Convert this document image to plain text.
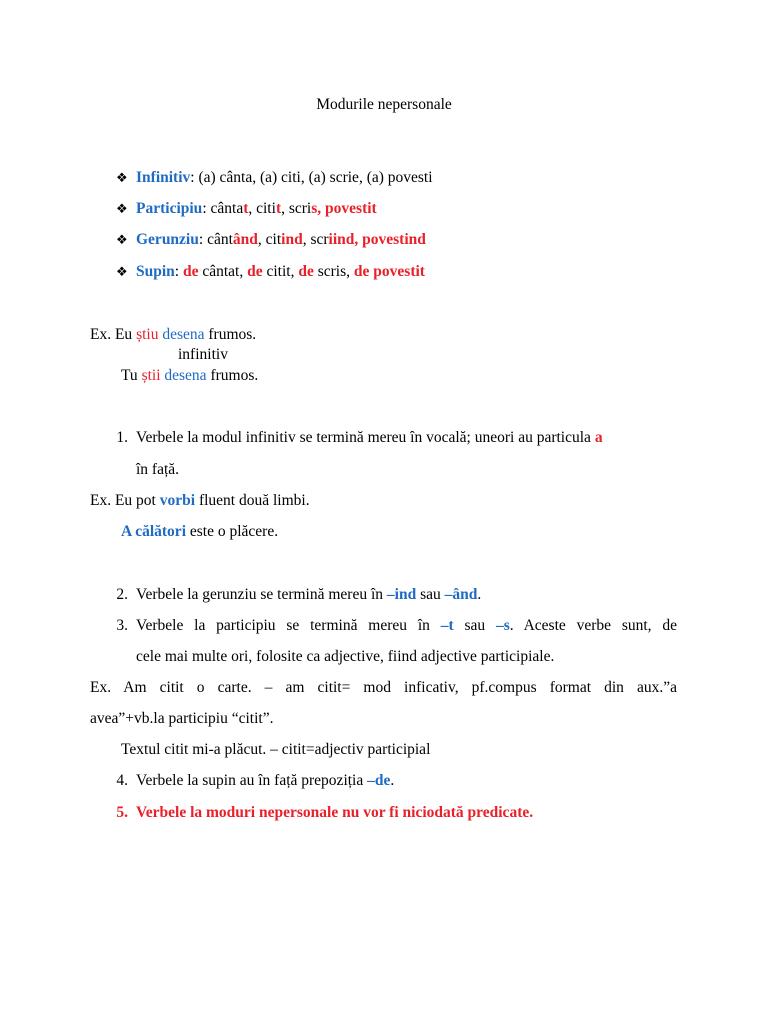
Modurile nepersonale
❖ Infinitiv: (a) cânta, (a) citi, (a) scrie, (a) povesti
❖ Participiu: cântat, citit, scris, povestit
❖ Gerunziu: cântând, citind, scriind, povestind
❖ Supin: de cântat, de citit, de scris, de povestit
Ex. Eu știu desena frumos.
infinitiv
Tu știi desena frumos.
1. Verbele la modul infinitiv se termină mereu în vocală; uneori au particula a
în față.
Ex. Eu pot vorbi fluent două limbi.
A călători este o plăcere.
2. Verbele la gerunziu se termină mereu în –ind sau –ând.
3. Verbele la participiu se termină mereu în –t sau –s. Aceste verbe sunt, de
cele mai multe ori, folosite ca adjective, fiind adjective participiale.
Ex. Am citit o carte. – am citit= mod inficativ, pf.compus format din aux.”a
avea”+vb.la participiu “citit”.
Textul citit mi-a plăcut. – citit=adjectiv participial
4. Verbele la supin au în față prepoziția –de.
5. Verbele la moduri nepersonale nu vor fi niciodată predicate.
